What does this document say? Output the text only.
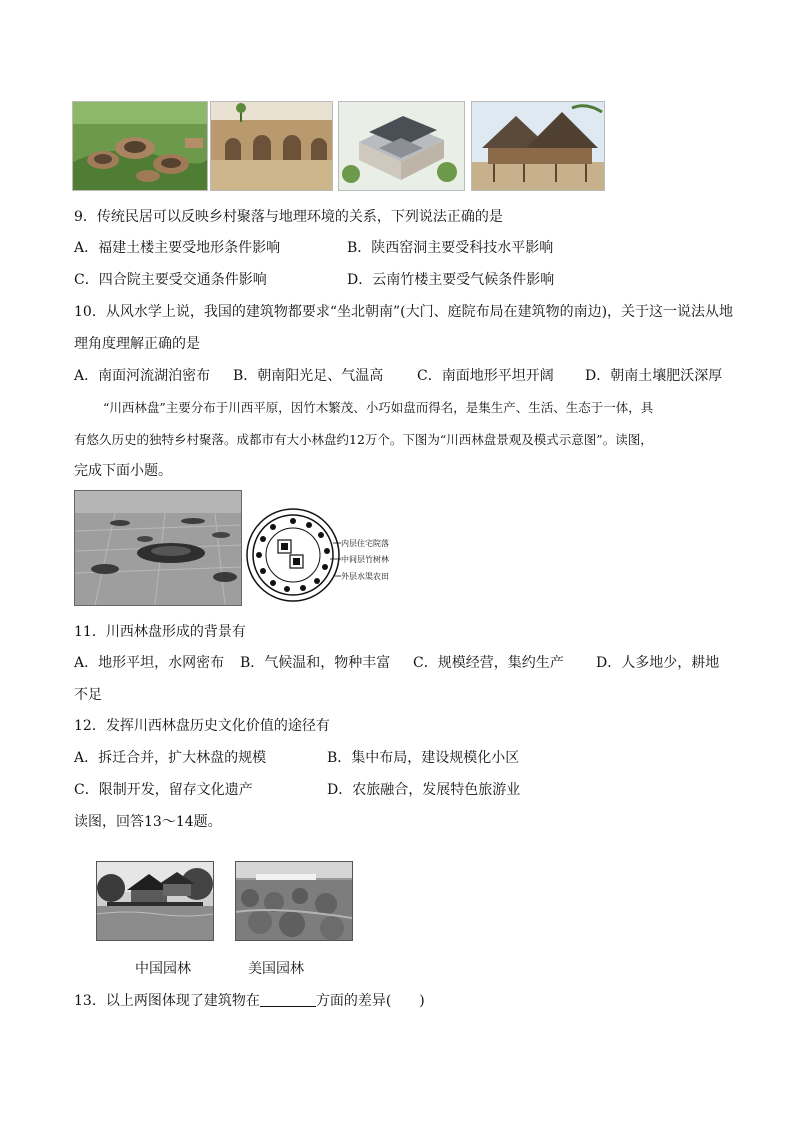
9．传统民居可以反映乡村聚落与地理环境的关系，下列说法正确的是
A．福建土楼主要受地形条件影响	B．陕西窑洞主要受科技水平影响
C．四合院主要受交通条件影响	D．云南竹楼主要受气候条件影响
10．从风水学上说，我国的建筑物都要求“坐北朝南”(大门、庭院布局在建筑物的南边)，关于这一说法从地
理角度理解正确的是
A．南面河流湖泊密布 B．朝南阳光足、气温高 C．南面地形平坦开阔 D．朝南土壤肥沃深厚
“川西林盘”主要分布于川西平原，因竹木繁茂、小巧如盘而得名，是集生产、生活、生态于一体，具
有悠久历史的独特乡村聚落。成都市有大小林盘约12万个。下图为“川西林盘景观及模式示意图”。读图，
完成下面小题。
内层住宅院落
中间层竹树林
外层水渠农田
11．川西林盘形成的背景有
A．地形平坦，水网密布 B．气候温和，物种丰富 C．规模经营，集约生产 D．人多地少，耕地
不足
12．发挥川西林盘历史文化价值的途径有
A．拆迁合并，扩大林盘的规模	B．集中布局，建设规模化小区
C．限制开发，留存文化遗产	D．农旅融合，发展特色旅游业
读图，回答13～14题。
中国园林	美国园林
13．以上两图体现了建筑物在	方面的差异(　　)
